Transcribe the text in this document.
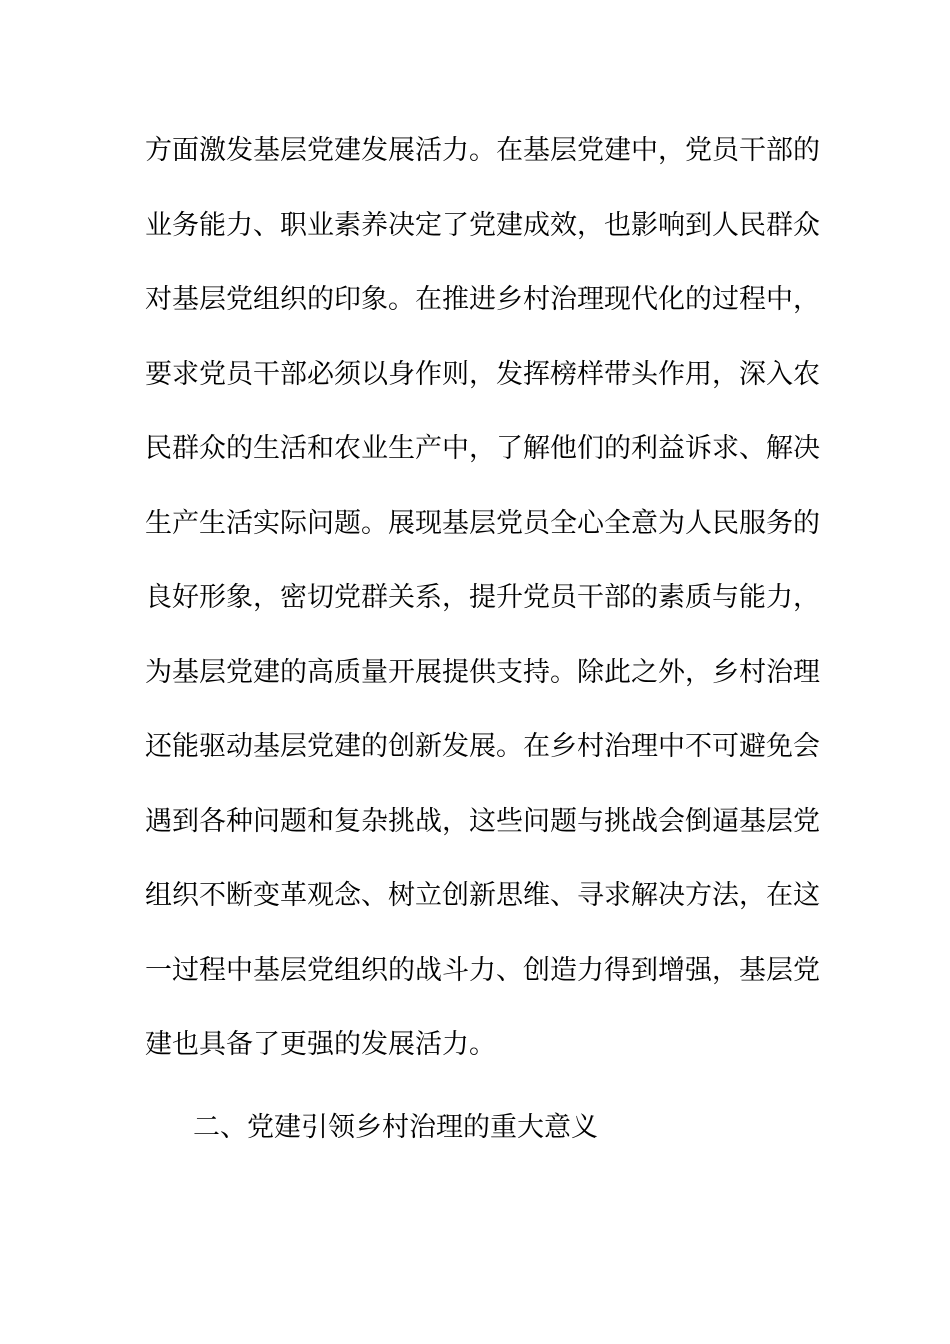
方面激发基层党建发展活力。在基层党建中，党员干部的
业务能力、职业素养决定了党建成效，也影响到人民群众
对基层党组织的印象。在推进乡村治理现代化的过程中，
要求党员干部必须以身作则，发挥榜样带头作用，深入农
民群众的生活和农业生产中，了解他们的利益诉求、解决
生产生活实际问题。展现基层党员全心全意为人民服务的
良好形象，密切党群关系，提升党员干部的素质与能力，
为基层党建的高质量开展提供支持。除此之外，乡村治理
还能驱动基层党建的创新发展。在乡村治理中不可避免会
遇到各种问题和复杂挑战，这些问题与挑战会倒逼基层党
组织不断变革观念、树立创新思维、寻求解决方法，在这
一过程中基层党组织的战斗力、创造力得到增强，基层党
建也具备了更强的发展活力。
二、党建引领乡村治理的重大意义
